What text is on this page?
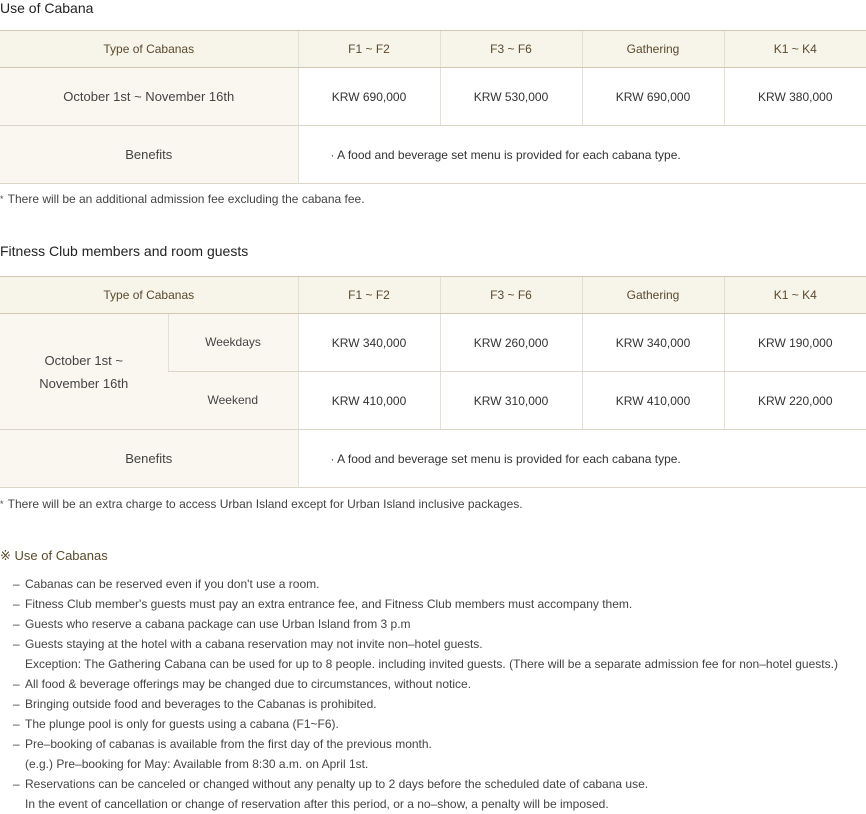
Use of Cabana
Type of Cabanas	F1 ~ F2	F3 ~ F6	Gathering	K1 ~ K4
October 1st ~ November 16th	KRW 690,000	KRW 530,000	KRW 690,000	KRW 380,000
Benefits	· A food and beverage set menu is provided for each cabana type.			

* There will be an additional admission fee excluding the cabana fee.

Fitness Club members and room guests
Type of Cabanas		F1 ~ F2	F3 ~ F6	Gathering	K1 ~ K4
October 1st ~
November 16th	Weekdays	KRW 340,000	KRW 260,000	KRW 340,000	KRW 190,000
	Weekend	KRW 410,000	KRW 310,000	KRW 410,000	KRW 220,000
Benefits		· A food and beverage set menu is provided for each cabana type.			

* There will be an extra charge to access Urban Island except for Urban Island inclusive packages.

※ Use of Cabanas
– Cabanas can be reserved even if you don't use a room.
– Fitness Club member's guests must pay an extra entrance fee, and Fitness Club members must accompany them.
– Guests who reserve a cabana package can use Urban Island from 3 p.m
– Guests staying at the hotel with a cabana reservation may not invite non–hotel guests.
Exception: The Gathering Cabana can be used for up to 8 people. including invited guests. (There will be a separate admission fee for non–hotel guests.)
– All food & beverage offerings may be changed due to circumstances, without notice.
– Bringing outside food and beverages to the Cabanas is prohibited.
– The plunge pool is only for guests using a cabana (F1~F6).
– Pre–booking of cabanas is available from the first day of the previous month.
(e.g.) Pre–booking for May: Available from 8:30 a.m. on April 1st.
– Reservations can be canceled or changed without any penalty up to 2 days before the scheduled date of cabana use.
In the event of cancellation or change of reservation after this period, or a no–show, a penalty will be imposed.
